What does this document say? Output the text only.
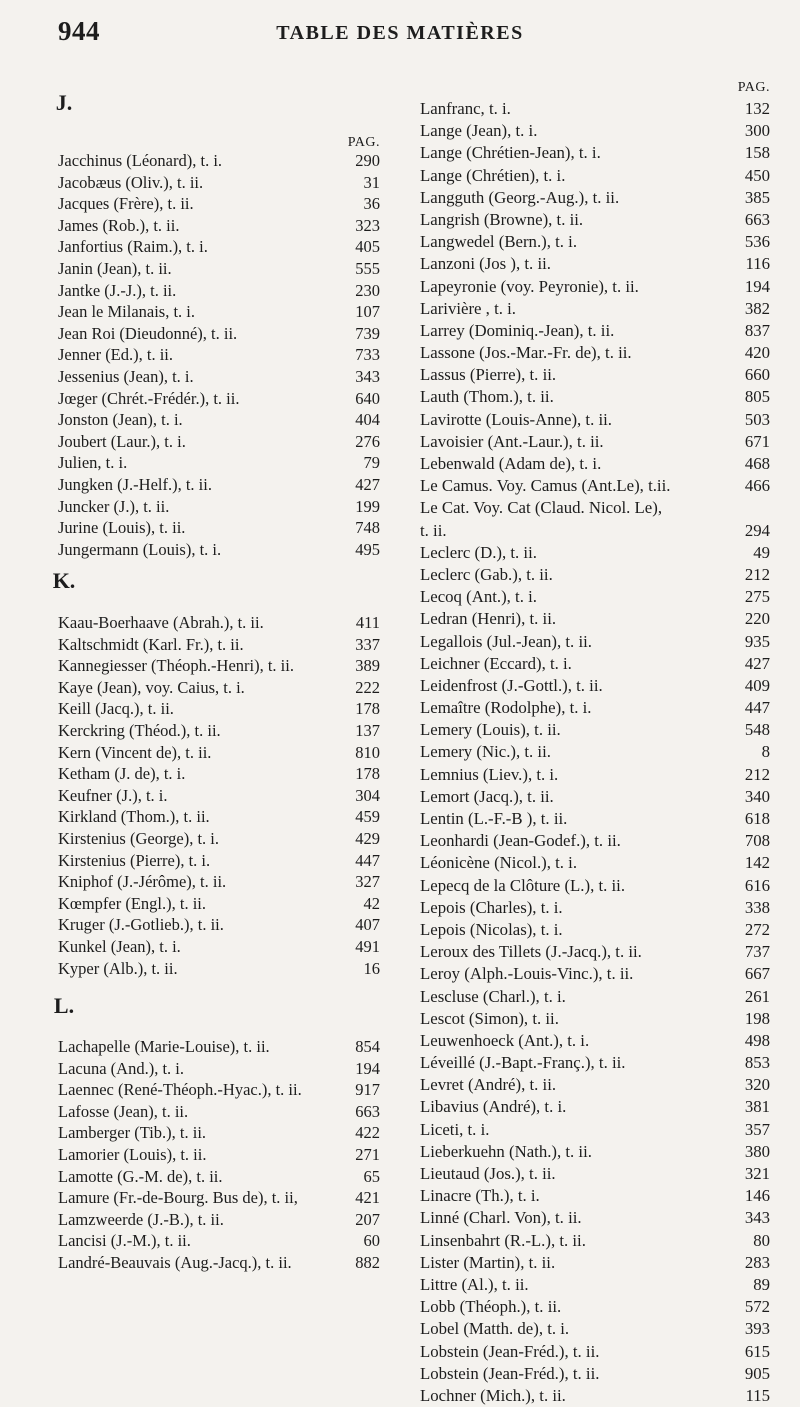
944	TABLE DES MATIÈRES
PAG.
J.
Jacchinus (Léonard), t. i.	290
Jacobæus (Oliv.), t. ii.	31
Jacques (Frère), t. ii.	36
James (Rob.), t. ii.	323
Janfortius (Raim.), t. i.	405
Janin (Jean), t. ii.	555
Jantke (J.-J.), t. ii.	230
Jean le Milanais, t. i.	107
Jean Roi (Dieudonné), t. ii.	739
Jenner (Ed.), t. ii.	733
Jessenius (Jean), t. i.	343
Jœger (Chrét.-Frédér.), t. ii.	640
Jonston (Jean), t. i.	404
Joubert (Laur.), t. i.	276
Julien, t. i.	79
Jungken (J.-Helf.), t. ii.	427
Juncker (J.), t. ii.	199
Jurine (Louis), t. ii.	748
Jungermann (Louis), t. i.	495
K.
Kaau-Boerhaave (Abrah.), t. ii.	411
Kaltschmidt (Karl. Fr.), t. ii.	337
Kannegiesser (Théoph.-Henri), t. ii.	389
Kaye (Jean), voy. Caius, t. i.	222
Keill (Jacq.), t. ii.	178
Kerckring (Théod.), t. ii.	137
Kern (Vincent de), t. ii.	810
Ketham (J. de), t. i.	178
Keufner (J.), t. i.	304
Kirkland (Thom.), t. ii.	459
Kirstenius (George), t. i.	429
Kirstenius (Pierre), t. i.	447
Kniphof (J.-Jérôme), t. ii.	327
Kœmpfer (Engl.), t. ii.	42
Kruger (J.-Gotlieb.), t. ii.	407
Kunkel (Jean), t. i.	491
Kyper (Alb.), t. ii.	16
L.
Lachapelle (Marie-Louise), t. ii.	854
Lacuna (And.), t. i.	194
Laennec (René-Théoph.-Hyac.), t. ii.	917
Lafosse (Jean), t. ii.	663
Lamberger (Tib.), t. ii.	422
Lamorier (Louis), t. ii.	271
Lamotte (G.-M. de), t. ii.	65
Lamure (Fr.-de-Bourg. Bus de), t. ii,	421
Lamzweerde (J.-B.), t. ii.	207
Lancisi (J.-M.), t. ii.	60
Landré-Beauvais (Aug.-Jacq.), t. ii.	882
PAG.
Lanfranc, t. i.	132
Lange (Jean), t. i.	300
Lange (Chrétien-Jean), t. i.	158
Lange (Chrétien), t. i.	450
Langguth (Georg.-Aug.), t. ii.	385
Langrish (Browne), t. ii.	663
Langwedel (Bern.), t. i.	536
Lanzoni (Jos ), t. ii.	116
Lapeyronie (voy. Peyronie), t. ii.	194
Larivière , t. i.	382
Larrey (Dominiq.-Jean), t. ii.	837
Lassone (Jos.-Mar.-Fr. de), t. ii.	420
Lassus (Pierre), t. ii.	660
Lauth (Thom.), t. ii.	805
Lavirotte (Louis-Anne), t. ii.	503
Lavoisier (Ant.-Laur.), t. ii.	671
Lebenwald (Adam de), t. i.	468
Le Camus. Voy. Camus (Ant.Le), t.ii.	466
Le Cat. Voy. Cat (Claud. Nicol. Le),
t. ii.	294
Leclerc (D.), t. ii.	49
Leclerc (Gab.), t. ii.	212
Lecoq (Ant.), t. i.	275
Ledran (Henri), t. ii.	220
Legallois (Jul.-Jean), t. ii.	935
Leichner (Eccard), t. i.	427
Leidenfrost (J.-Gottl.), t. ii.	409
Lemaître (Rodolphe), t. i.	447
Lemery (Louis), t. ii.	548
Lemery (Nic.), t. ii.	8
Lemnius (Liev.), t. i.	212
Lemort (Jacq.), t. ii.	340
Lentin (L.-F.-B ), t. ii.	618
Leonhardi (Jean-Godef.), t. ii.	708
Léonicène (Nicol.), t. i.	142
Lepecq de la Clôture (L.), t. ii.	616
Lepois (Charles), t. i.	338
Lepois (Nicolas), t. i.	272
Leroux des Tillets (J.-Jacq.), t. ii.	737
Leroy (Alph.-Louis-Vinc.), t. ii.	667
Lescluse (Charl.), t. i.	261
Lescot (Simon), t. ii.	198
Leuwenhoeck (Ant.), t. i.	498
Léveillé (J.-Bapt.-Franç.), t. ii.	853
Levret (André), t. ii.	320
Libavius (André), t. i.	381
Liceti, t. i.	357
Lieberkuehn (Nath.), t. ii.	380
Lieutaud (Jos.), t. ii.	321
Linacre (Th.), t. i.	146
Linné (Charl. Von), t. ii.	343
Linsenbahrt (R.-L.), t. ii.	80
Lister (Martin), t. ii.	283
Littre (Al.), t. ii.	89
Lobb (Théoph.), t. ii.	572
Lobel (Matth. de), t. i.	393
Lobstein (Jean-Fréd.), t. ii.	615
Lobstein (Jean-Fréd.), t. ii.	905
Lochner (Mich.), t. ii.	115
